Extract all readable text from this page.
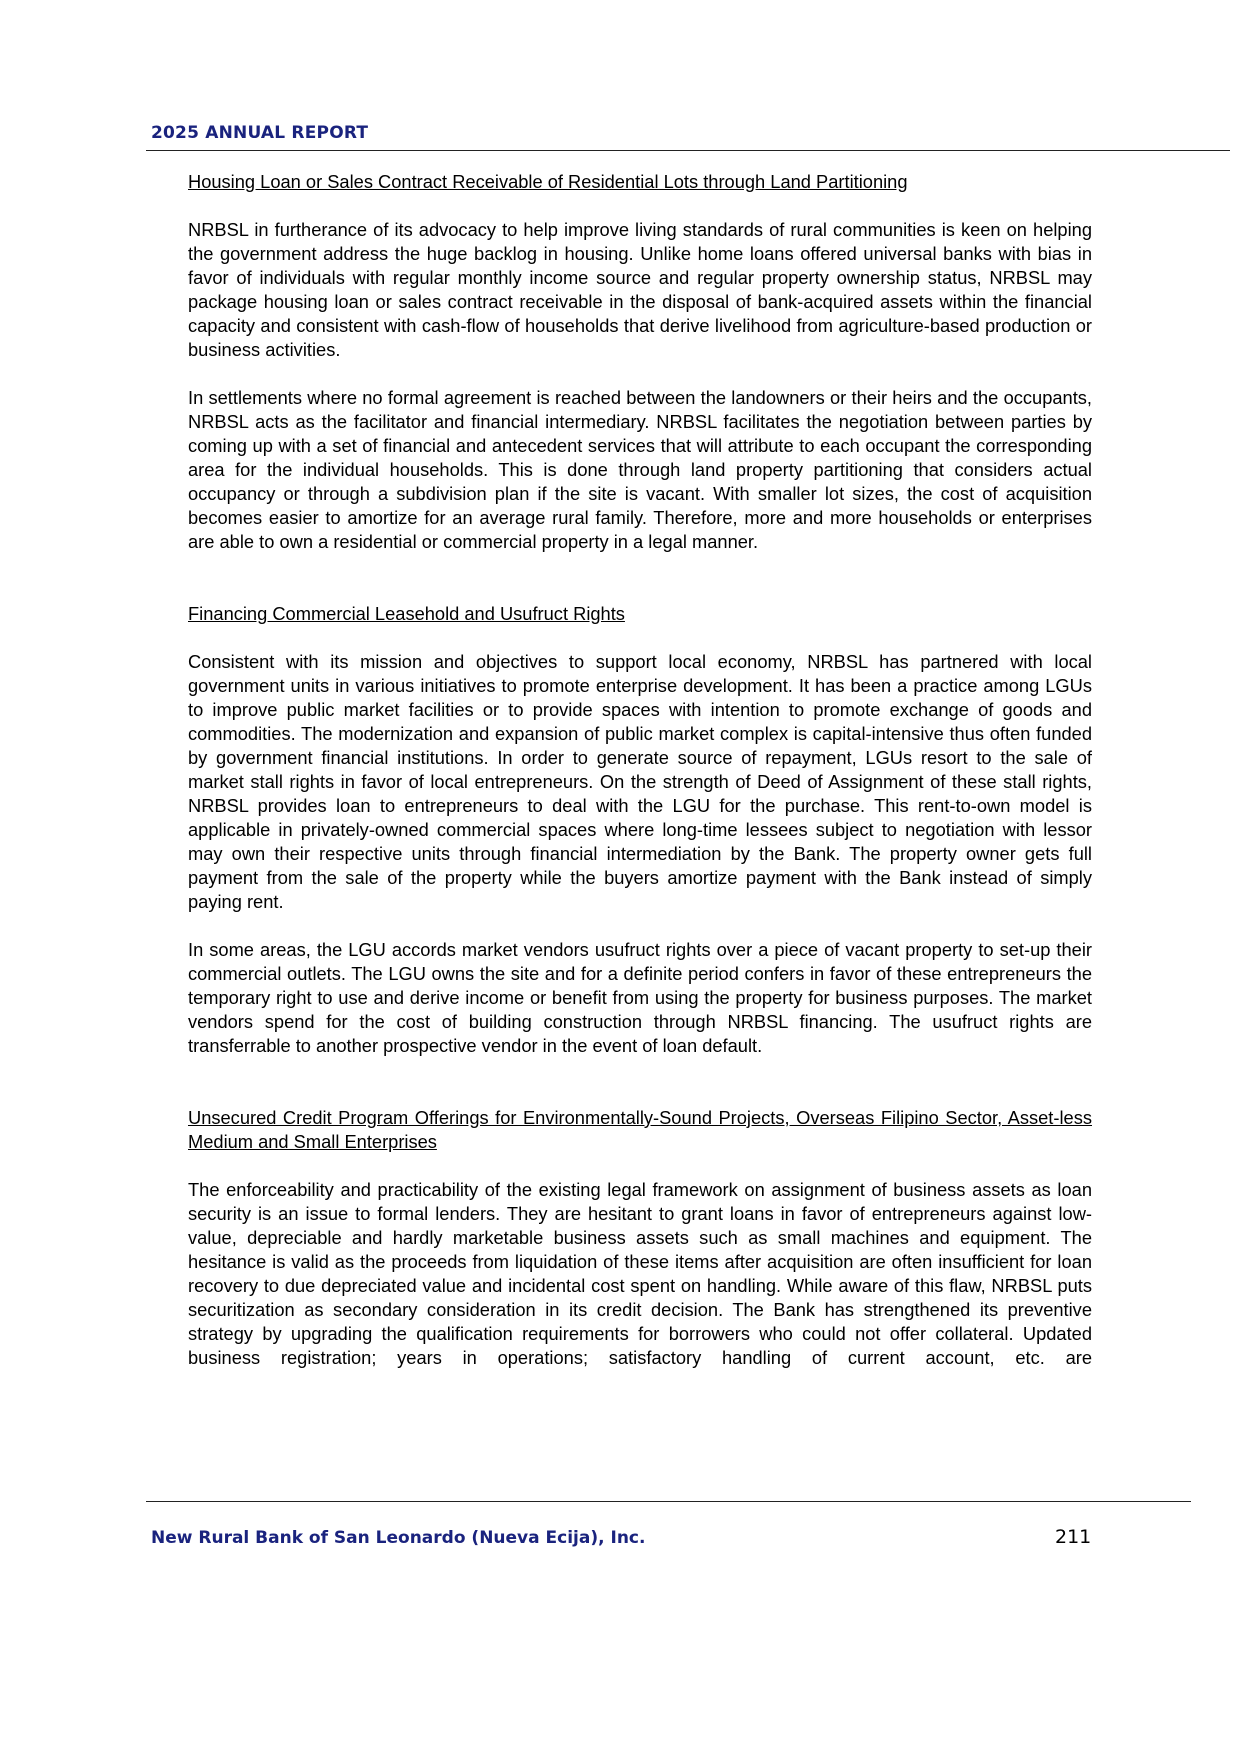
2025 ANNUAL REPORT

Housing Loan or Sales Contract Receivable of Residential Lots through Land Partitioning

NRBSL in furtherance of its advocacy to help improve living standards of rural communities is keen on helping the government address the huge backlog in housing. Unlike home loans offered universal banks with bias in favor of individuals with regular monthly income source and regular property ownership status, NRBSL may package housing loan or sales contract receivable in the disposal of bank-acquired assets within the financial capacity and consistent with cash-flow of households that derive livelihood from agriculture-based production or business activities.

In settlements where no formal agreement is reached between the landowners or their heirs and the occupants, NRBSL acts as the facilitator and financial intermediary. NRBSL facilitates the negotiation between parties by coming up with a set of financial and antecedent services that will attribute to each occupant the corresponding area for the individual households. This is done through land property partitioning that considers actual occupancy or through a subdivision plan if the site is vacant. With smaller lot sizes, the cost of acquisition becomes easier to amortize for an average rural family. Therefore, more and more households or enterprises are able to own a residential or commercial property in a legal manner.

Financing Commercial Leasehold and Usufruct Rights

Consistent with its mission and objectives to support local economy, NRBSL has partnered with local government units in various initiatives to promote enterprise development. It has been a practice among LGUs to improve public market facilities or to provide spaces with intention to promote exchange of goods and commodities. The modernization and expansion of public market complex is capital-intensive thus often funded by government financial institutions. In order to generate source of repayment, LGUs resort to the sale of market stall rights in favor of local entrepreneurs. On the strength of Deed of Assignment of these stall rights, NRBSL provides loan to entrepreneurs to deal with the LGU for the purchase. This rent-to-own model is applicable in privately-owned commercial spaces where long-time lessees subject to negotiation with lessor may own their respective units through financial intermediation by the Bank. The property owner gets full payment from the sale of the property while the buyers amortize payment with the Bank instead of simply paying rent.

In some areas, the LGU accords market vendors usufruct rights over a piece of vacant property to set-up their commercial outlets. The LGU owns the site and for a definite period confers in favor of these entrepreneurs the temporary right to use and derive income or benefit from using the property for business purposes. The market vendors spend for the cost of building construction through NRBSL financing. The usufruct rights are transferrable to another prospective vendor in the event of loan default.

Unsecured Credit Program Offerings for Environmentally-Sound Projects, Overseas Filipino Sector, Asset-less Medium and Small Enterprises

The enforceability and practicability of the existing legal framework on assignment of business assets as loan security is an issue to formal lenders. They are hesitant to grant loans in favor of entrepreneurs against low-value, depreciable and hardly marketable business assets such as small machines and equipment. The hesitance is valid as the proceeds from liquidation of these items after acquisition are often insufficient for loan recovery to due depreciated value and incidental cost spent on handling. While aware of this flaw, NRBSL puts securitization as secondary consideration in its credit decision. The Bank has strengthened its preventive strategy by upgrading the qualification requirements for borrowers who could not offer collateral. Updated business registration; years in operations; satisfactory handling of current account, etc. are

New Rural Bank of San Leonardo (Nueva Ecija), Inc.	211
